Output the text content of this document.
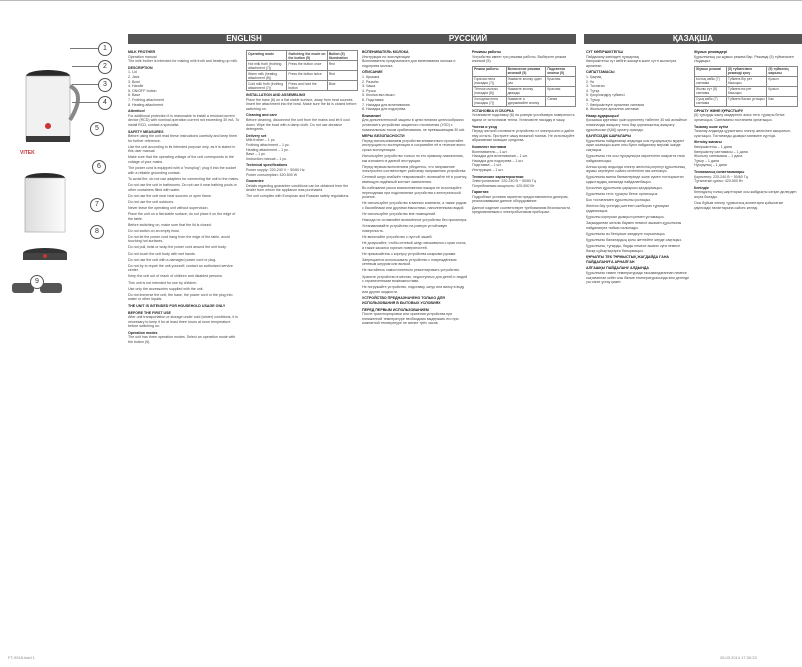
1
2
3
4
5
6
7
8
9
ENGLISH	РУССКИЙ	ҚАЗАҚША
MILK FROTHER
Operation manual

The milk frother is intended for making milk froth and heating up milk.

DESCRIPTION
1. Lid
2. Jack
3. Bowl
4. Handle
5. ON/OFF button
6. Base
7. Frothing attachment
8. Heating attachment
Attention!

For additional protection it is reasonable to install a residual current device (RCD) with nominal operation current not exceeding 30 mA. To install RCD, contact a specialist.

SAFETY MEASURES

Before using the unit read these instructions carefully and keep them for further reference.

Use the unit according to its intended purpose only, as it is stated in this user manual.

Make sure that the operating voltage of the unit corresponds to the voltage of your mains.

The power cord is equipped with a "europlug"; plug it into the socket with a reliable grounding contact.

To avoid fire, do not use adapters for connecting the unit to the mains.

Do not use the unit in bathrooms. Do not use it near bathing pools or other containers filled with water.

Do not use the unit near heat sources or open flame.

Do not use the unit outdoors.

Never leave the operating unit without supervision.

Place the unit on a flat stable surface; do not place it on the edge of the table.

Before switching on, make sure that the lid is closed.

Do not switch on an empty bowl.

Do not let the power cord hang from the edge of the table, avoid touching hot surfaces.

Do not pull, twist or wrap the power cord around the unit body.

Do not touch the unit body with wet hands.

Do not use the unit with a damaged power cord or plug.

Do not try to repair the unit yourself; contact an authorized service center.

Keep the unit out of reach of children and disabled persons.

This unit is not intended for use by children.

Use only the accessories supplied with the unit.

Do not immerse the unit, the base, the power cord or the plug into water or other liquids.

THE UNIT IS INTENDED FOR HOUSEHOLD USAGE ONLY
BEFORE THE FIRST USE

After unit transportation or storage under cold (winter) conditions, it is necessary to keep it for at least three hours at room temperature before switching on.

Operation modes

The unit has three operation modes. Select an operation mode with the button (5).

Operating mode	Switching the mode on the button (5)	Button (5) illumination
Hot milk froth (frothing attachment (7))	Press the button once	Red
Warm milk (heating attachment (8))	Press the button twice	Red
Cold milk froth (frothing attachment (7))	Press and hold the button	Blue
INSTALLATION AND ASSEMBLING

Place the base (6) on a flat stable surface, away from heat sources. Insert the attachment into the bowl. Make sure the lid is closed before switching on.

Cleaning and care

Before cleaning, disconnect the unit from the mains and let it cool down. Wipe the bowl with a damp cloth. Do not use abrasive detergents.

Delivery set
Milk frother – 1 pc.
Frothing attachment – 1 pc.
Heating attachment – 1 pc.
Base – 1 pc.
Instruction manual – 1 pc.
Technical specifications
Power supply: 220-240 V ~ 50/60 Hz
Power consumption: 420-500 W
Guarantee

Details regarding guarantee conditions can be obtained from the dealer from whom the appliance was purchased.

The unit complies with European and Russian safety regulations.

ВСПЕНИВАТЕЛЬ МОЛОКА
Инструкция по эксплуатации

Вспениватель предназначен для вспенивания молока и подогрева молока.

ОПИСАНИЕ
1. Крышка
2. Разъём
3. Чаша
4. Ручка
5. Кнопка вкл./выкл.
6. Подставка
7. Насадка для вспенивания
8. Насадка для подогрева
Внимание!

Для дополнительной защиты в цепи питания целесообразно установить устройство защитного отключения (УЗО) с номинальным током срабатывания, не превышающим 30 мА.

МЕРЫ БЕЗОПАСНОСТИ

Перед использованием устройства внимательно прочитайте инструкцию по эксплуатации и сохраняйте её в течение всего срока эксплуатации.

Используйте устройство только по его прямому назначению, как изложено в данной инструкции.

Перед первым включением убедитесь, что напряжение электросети соответствует рабочему напряжению устройства.

Сетевой шнур снабжён «евровилкой»; включайте её в розетку, имеющую надёжный контакт заземления.

Во избежание риска возникновения пожара не используйте переходники при подключении устройства к электрической розетке.

Не используйте устройство в ванных комнатах, а также рядом с бассейнами или другими ёмкостями, наполненными водой.

Не используйте устройство вне помещений.

Никогда не оставляйте включённое устройство без присмотра.

Устанавливайте устройство на ровную устойчивую поверхность.

Не включайте устройство с пустой чашей.

Не допускайте, чтобы сетевой шнур свешивался с края стола, а также касался горячих поверхностей.

Не прикасайтесь к корпусу устройства мокрыми руками.

Запрещается использовать устройство с повреждённым сетевым шнуром или вилкой.

Не пытайтесь самостоятельно ремонтировать устройство.

Храните устройство в местах, недоступных для детей и людей с ограниченными возможностями.

Не погружайте устройство, подставку, шнур или вилку в воду или другие жидкости.

УСТРОЙСТВО ПРЕДНАЗНАЧЕНО ТОЛЬКО ДЛЯ ИСПОЛЬЗОВАНИЯ В БЫТОВЫХ УСЛОВИЯХ
ПЕРЕД ПЕРВЫМ ИСПОЛЬЗОВАНИЕМ

После транспортировки или хранения устройства при пониженной температуре необходимо выдержать его при комнатной температуре не менее трёх часов.

Режимы работы

Устройство имеет три режима работы. Выберите режим кнопкой (5).

Режим работы	Включение режима кнопкой (5)	Подсветка кнопки (5)
Горячая пена (насадка (7))	Нажмите кнопку один раз	Красная
Тёплое молоко (насадка (8))	Нажмите кнопку дважды	Красная
Холодная пена (насадка (7))	Нажмите и удерживайте кнопку	Синяя
УСТАНОВКА И СБОРКА

Установите подставку (6) на ровную устойчивую поверхность вдали от источников тепла. Установите насадку в чашу.

Чистка и уход

Перед чисткой отключите устройство от электросети и дайте ему остыть. Протрите чашу влажной тканью. Не используйте абразивные моющие средства.

Комплект поставки
Вспениватель – 1 шт.
Насадка для вспенивания – 1 шт.
Насадка для подогрева – 1 шт.
Подставка – 1 шт.
Инструкция – 1 шт.
Технические характеристики
Электропитание: 220-240 В ~ 50/60 Гц
Потребляемая мощность: 420-500 Вт
Гарантия

Подробные условия гарантии предоставляются дилером, реализовавшим данное оборудование.

Данное изделие соответствует требованиям безопасности, предъявляемым к электробытовым приборам.

СҮТ КӨПІРШІКТЕГІШ
Пайдалану жөніндегі нұсқаулық

Көпіршіктегіш сүт көбігін жасауға және сүтті жылытуға арналған.

СИПАТТАМАСЫ
1. Қақпақ
2. Ұя
3. Тостаған
4. Тұтқа
5. Қосу/сөндіру түймесі
6. Тұғыр
7. Көпіршіктеуге арналған саптама
8. Жылытуға арналған саптама
Назар аударыңыз!

Қосымша қорғаныс үшін қоректену тізбегіне 30 мА аспайтын номиналды ажырату тогы бар қорғаныштық ажырату құрылғысын (ҚАҚ) орнату орынды.

ҚАУІПСІЗДІК ШАРАЛАРЫ

Құрылғыны пайдаланар алдында осы нұсқаулықты мұқият оқып шығыңыз және оны бүкіл пайдалану мерзімі ішінде сақтаңыз.

Құрылғыны тек осы нұсқаулықта көрсетілген мақсатта ғана пайдаланыңыз.

Алғаш қосар алдында электр желісінің кернеуі құрылғының жұмыс кернеуіне сәйкес келетініне көз жеткізіңіз.

Құрылғыны ванна бөлмелерінде және сумен толтырылған ыдыстардың жанында пайдаланбаңыз.

Қосылған құрылғыны қараусыз қалдырмаңыз.

Құрылғыны тегіс тұрақты бетке орнатыңыз.

Бос тостағанмен құрылғыны қоспаңыз.

Желілік бау үстелдің шетінен салбырап тұрмауын қадағалаңыз.

Құрылғы корпусын дымқыл қолмен ұстамаңыз.

Зақымдалған желілік баумен немесе ашамен құрылғыны пайдалануға тыйым салынады.

Құрылғыны өз бетіңізше жөндеуге тырыспаңыз.

Құрылғыны балалардың қолы жетпейтін жерде сақтаңыз.

Құрылғыны, тұғырды, бауды немесе ашаны суға немесе басқа сұйықтықтарға батырмаңыз.

ҚҰРЫЛҒЫ ТЕК ТҰРМЫСТЫҚ ЖАҒДАЙДА ҒАНА ПАЙДАЛАНУҒА АРНАЛҒАН
АЛҒАШҚЫ ПАЙДАЛАНУ АЛДЫНДА

Құрылғыны төмен температурада тасымалдағаннан немесе сақтағаннан кейін оны бөлме температурасында кем дегенде үш сағат ұстау қажет.

Жұмыс режимдері

Құрылғының үш жұмыс режимі бар. Режимді (5) түймесімен таңдаңыз.

Жұмыс режимі	(5) түймесімен режимді қосу	(5) түйменің жарығы
Ыстық көбік (7) саптама	Түймені бір рет басыңыз	Қызыл
Жылы сүт (8) саптама	Түймені екі рет басыңыз	Қызыл
Суық көбік (7) саптама	Түймені басып ұстаңыз	Көк
ОРНАТУ ЖӘНЕ ҚҰРАСТЫРУ

(6) тұғырды жылу көздерінен алыс тегіс тұрақты бетке орнатыңыз. Саптаманы тостағанға орнатыңыз.

Тазалау және күтім

Тазалау алдында құрылғыны электр желісінен ажыратып, суытыңыз. Тостағанды дымқыл матамен сүртіңіз.

Жеткізу жинағы
Көпіршіктегіш – 1 дана
Көпіршіктеу саптамасы – 1 дана
Жылыту саптамасы – 1 дана
Тұғыр – 1 дана
Нұсқаулық – 1 дана
Техникалық сипаттамалары
Қоректену: 220-240 В ~ 50/60 Гц
Тұтынатын қуаты: 420-500 Вт
Кепілдік

Кепілдіктің толық шарттарын осы жабдықты сатқан дилерден алуға болады.

Осы бұйым электр тұрмыстық аспаптарға қойылатын қауіпсіздік талаптарына сәйкес келеді.

VITEK
FT-9918.indd 1	26.03.2014 17:30:23
